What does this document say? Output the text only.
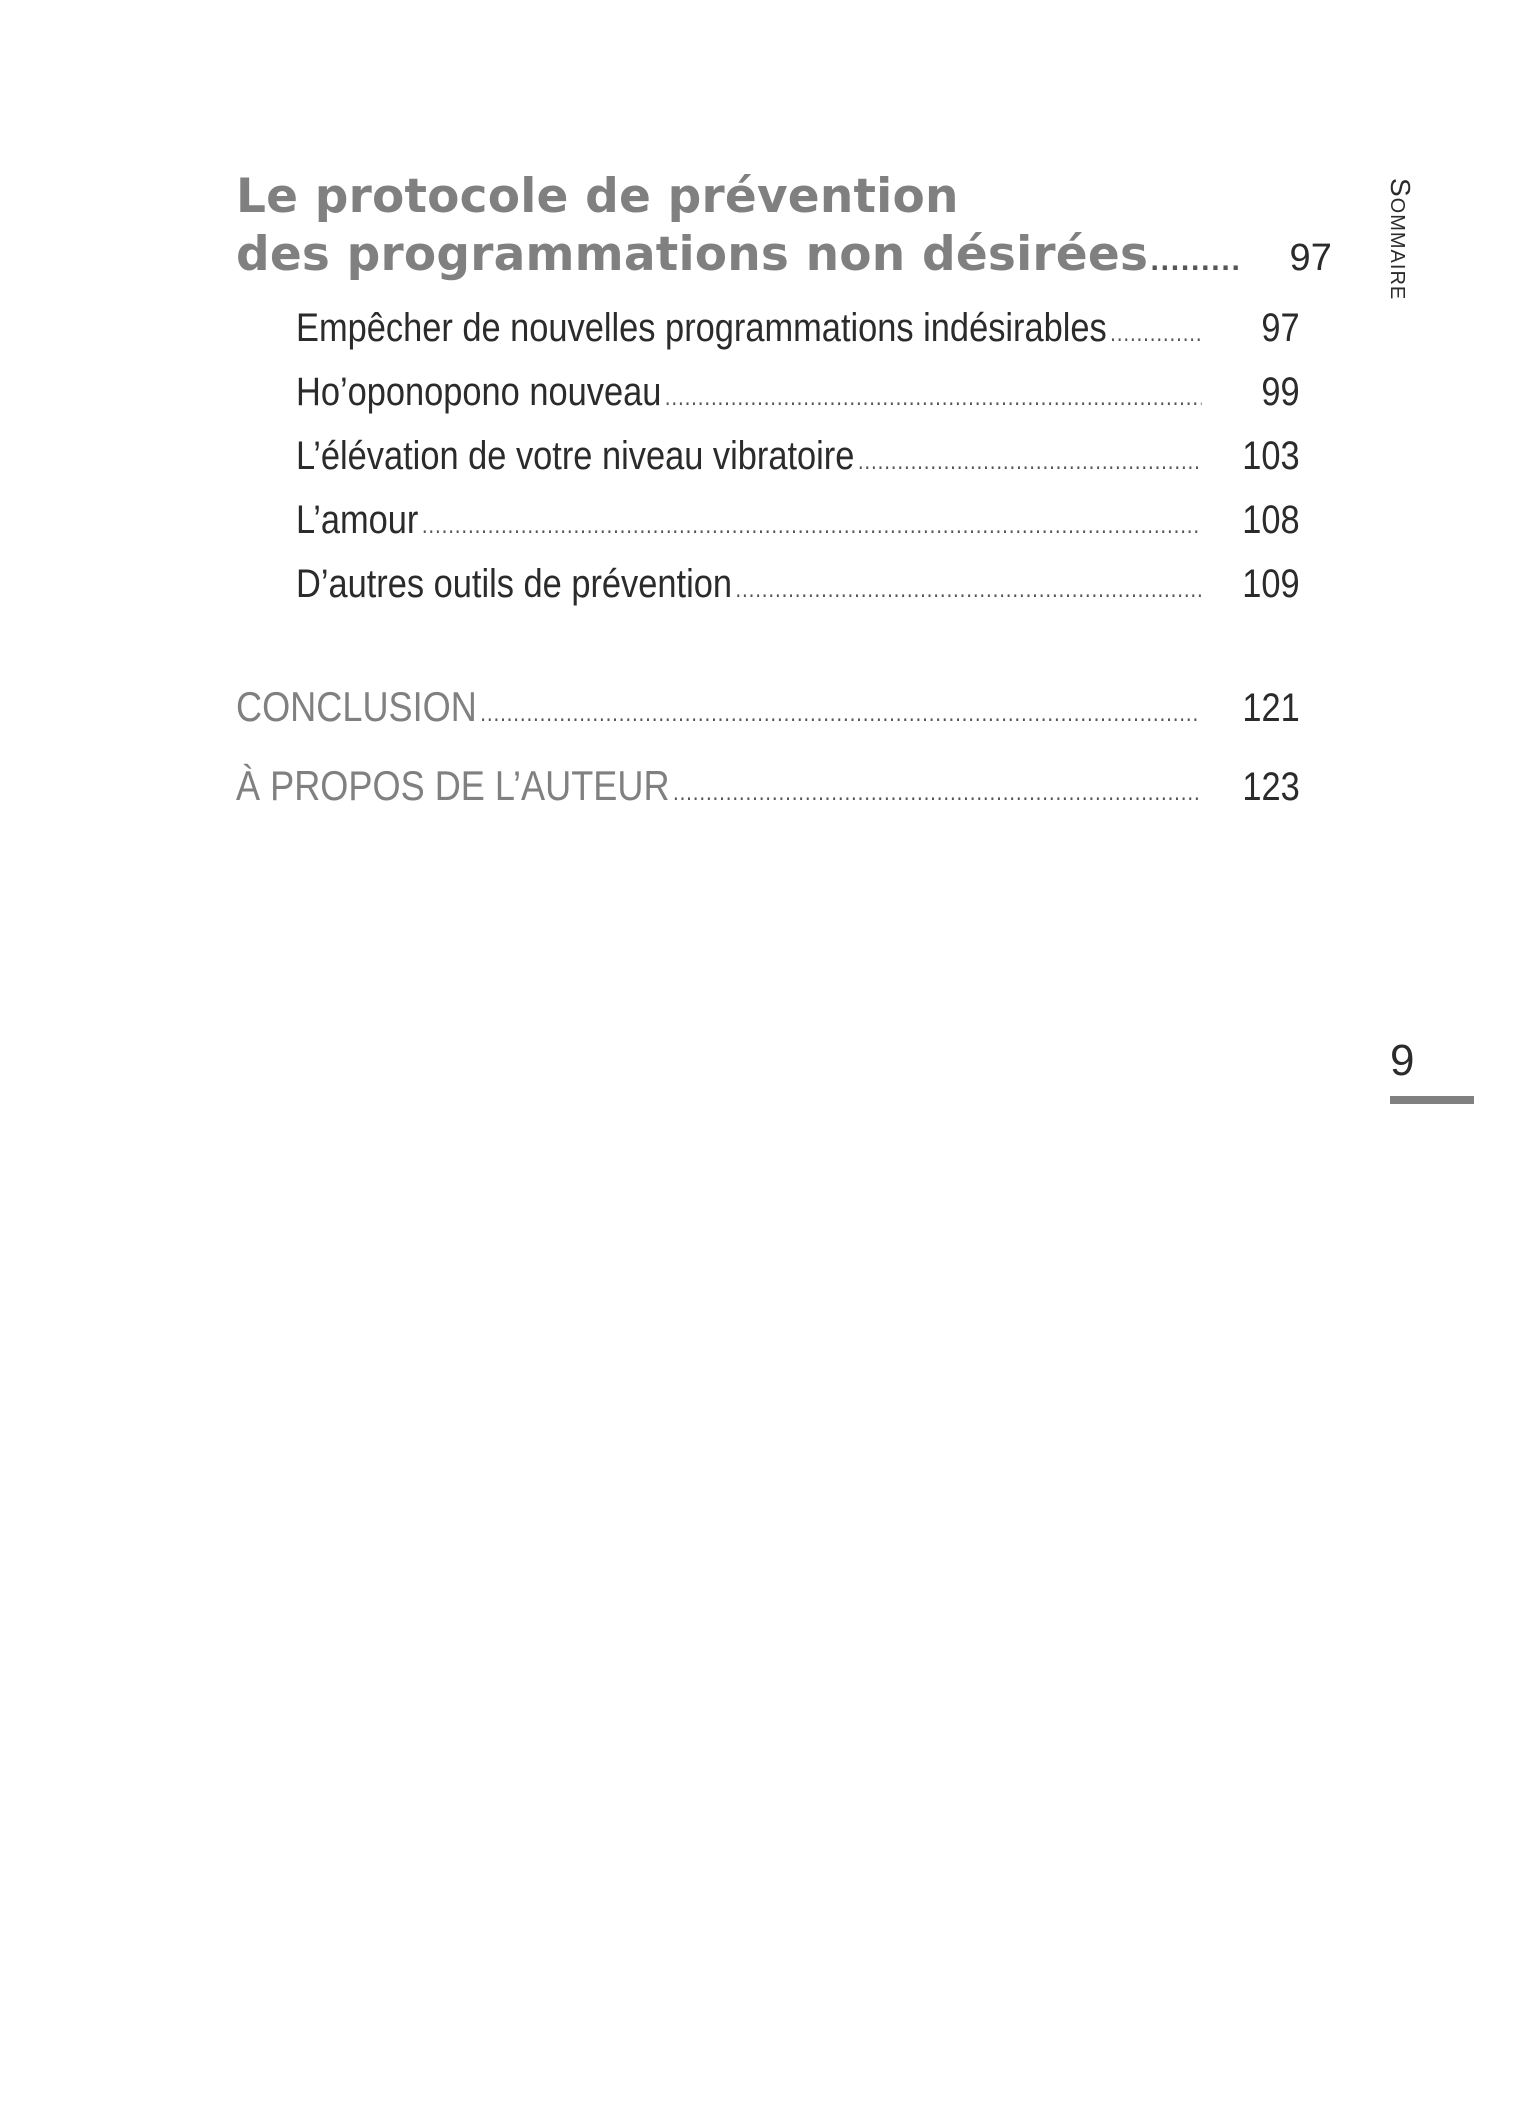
Le protocole de prévention
des programmations non désirées .....	97
Empêcher de nouvelles programmations indésirables .....	97
Ho’oponopono nouveau .....	99
L’élévation de votre niveau vibratoire .....	103
L’amour .....	108
D’autres outils de prévention .....	109
CONCLUSION .....	121
À PROPOS DE L’AUTEUR .....	123
Sommaire
9
